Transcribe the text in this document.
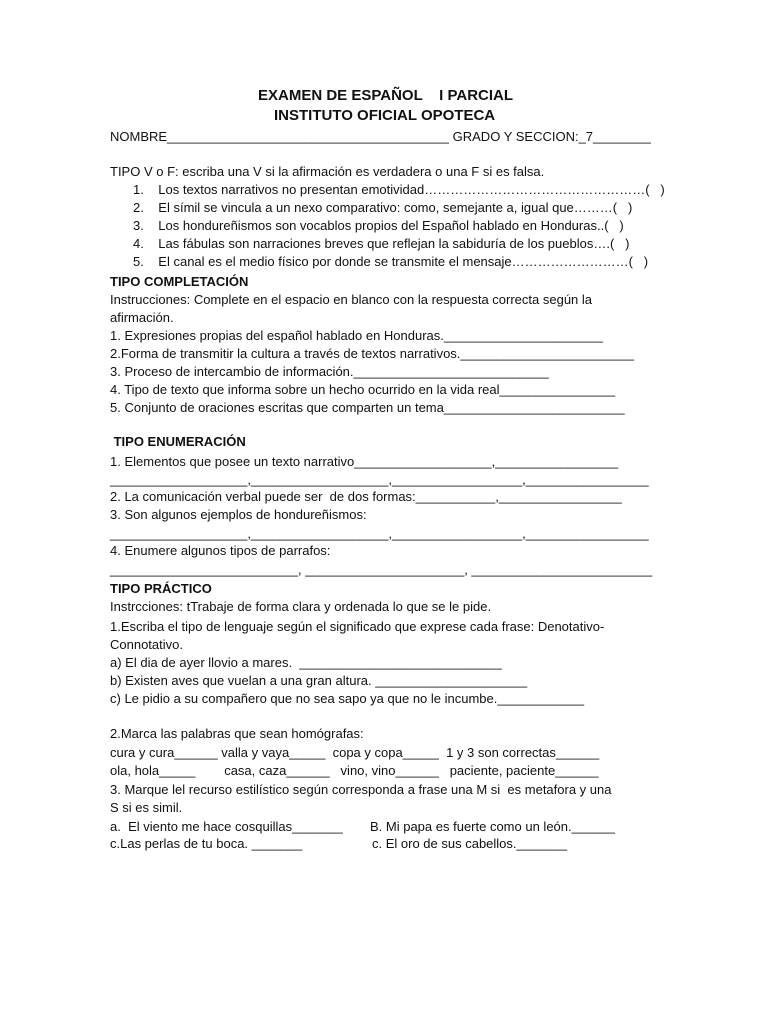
EXAMEN DE ESPAÑOL    I PARCIAL
INSTITUTO OFICIAL OPOTECA
NOMBRE_______________________________________ GRADO Y SECCION:_7________
TIPO V o F: escriba una V si la afirmación es verdadera o una F si es falsa.
1.    Los textos narrativos no presentan emotividad……………………………………………(   )
2.    El símil se vincula a un nexo comparativo: como, semejante a, igual que………(   )
3.    Los hondureñismos son vocablos propios del Español hablado en Honduras..(   )
4.    Las fábulas son narraciones breves que reflejan la sabiduría de los pueblos….(   )
5.    El canal es el medio físico por donde se transmite el mensaje………………………(   )
TIPO COMPLETACIÓN
Instrucciones: Complete en el espacio en blanco con la respuesta correcta según la
afirmación.
1. Expresiones propias del español hablado en Honduras.______________________
2.Forma de transmitir la cultura a través de textos narrativos.________________________
3. Proceso de intercambio de información.___________________________
4. Tipo de texto que informa sobre un hecho ocurrido en la vida real________________
5. Conjunto de oraciones escritas que comparten un tema_________________________
TIPO ENUMERACIÓN
1. Elementos que posee un texto narrativo___________________,_________________
___________________,___________________,__________________,_________________
2. La comunicación verbal puede ser  de dos formas:___________,_________________
3. Son algunos ejemplos de hondureñismos:
___________________,___________________,__________________,_________________
4. Enumere algunos tipos de parrafos:
__________________________, ______________________, _________________________
TIPO PRÁCTICO
Instrcciones: tTrabaje de forma clara y ordenada lo que se le pide.
1.Escriba el tipo de lenguaje según el significado que exprese cada frase: Denotativo-
Connotativo.
a) El dia de ayer llovio a mares.  ____________________________
b) Existen aves que vuelan a una gran altura. _____________________
c) Le pidio a su compañero que no sea sapo ya que no le incumbe.____________
2.Marca las palabras que sean homógrafas:
cura y cura______ valla y vaya_____  copa y copa_____  1 y 3 son correctas______
ola, hola_____        casa, caza______   vino, vino______   paciente, paciente______
3. Marque lel recurso estilístico según corresponda a frase una M si  es metafora y una
S si es simil.
a.  El viento me hace cosquillas_______ B. Mi papa es fuerte como un león.______
c.Las perlas de tu boca. _______	c. El oro de sus cabellos._______
